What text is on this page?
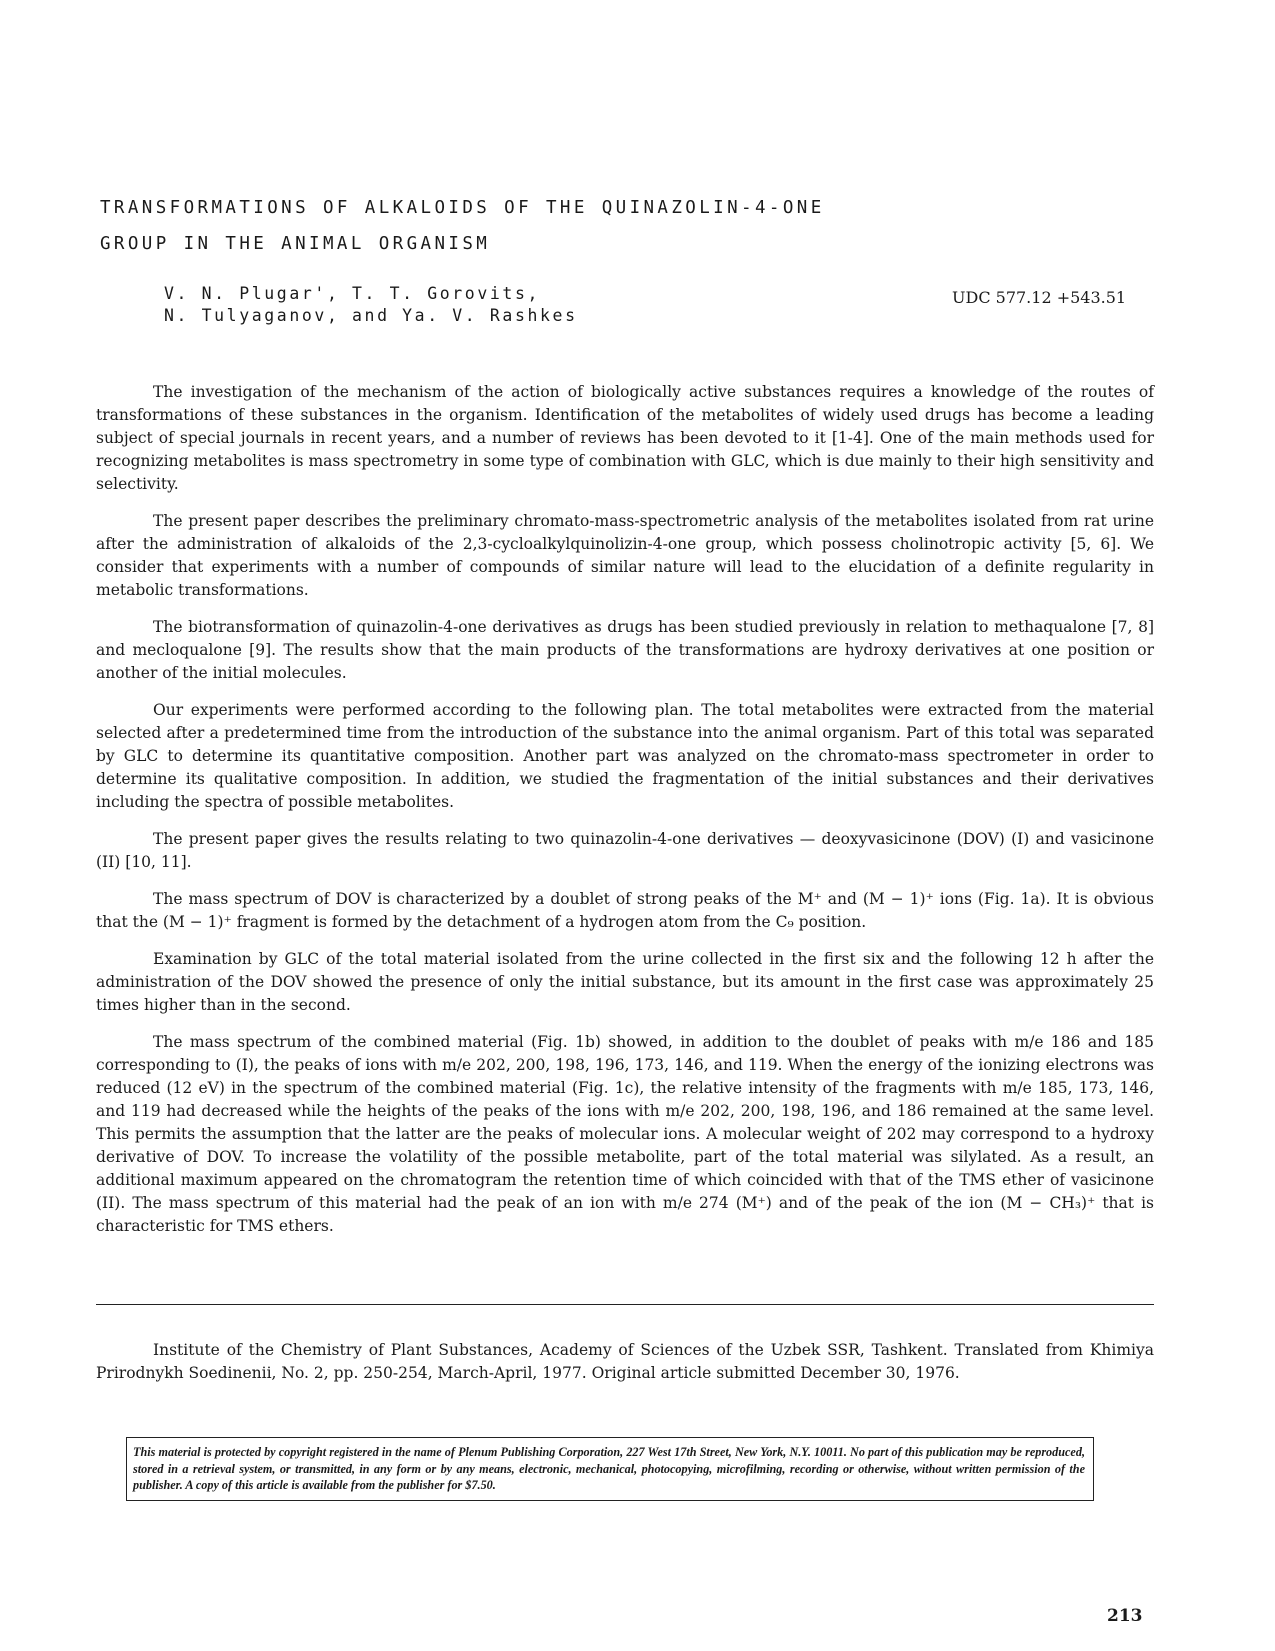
TRANSFORMATIONS OF ALKALOIDS OF THE QUINAZOLIN-4-ONE
GROUP IN THE ANIMAL ORGANISM
V. N. Plugar', T. T. Gorovits,
N. Tulyaganov, and Ya. V. Rashkes
UDC 577.12 +543.51

The investigation of the mechanism of the action of biologically active substances requires a knowledge of the routes of transformations of these substances in the organism. Identification of the metabolites of widely used drugs has become a leading subject of special journals in recent years, and a number of reviews has been devoted to it [1-4]. One of the main methods used for recognizing metabolites is mass spectrometry in some type of combination with GLC, which is due mainly to their high sensitivity and selectivity.

The present paper describes the preliminary chromato-mass-spectrometric analysis of the metabolites isolated from rat urine after the administration of alkaloids of the 2,3-cycloalkylquinolizin-4-one group, which possess cholinotropic activity [5, 6]. We consider that experiments with a number of compounds of similar nature will lead to the elucidation of a definite regularity in metabolic transformations.

The biotransformation of quinazolin-4-one derivatives as drugs has been studied previously in relation to methaqualone [7, 8] and mecloqualone [9]. The results show that the main products of the transformations are hydroxy derivatives at one position or another of the initial molecules.

Our experiments were performed according to the following plan. The total metabolites were extracted from the material selected after a predetermined time from the introduction of the substance into the animal organism. Part of this total was separated by GLC to determine its quantitative composition. Another part was analyzed on the chromato-mass spectrometer in order to determine its qualitative composition. In addition, we studied the fragmentation of the initial substances and their derivatives including the spectra of possible metabolites.

The present paper gives the results relating to two quinazolin-4-one derivatives — deoxyvasicinone (DOV) (I) and vasicinone (II) [10, 11].

The mass spectrum of DOV is characterized by a doublet of strong peaks of the M⁺ and (M − 1)⁺ ions (Fig. 1a). It is obvious that the (M − 1)⁺ fragment is formed by the detachment of a hydrogen atom from the C₉ position.

Examination by GLC of the total material isolated from the urine collected in the first six and the following 12 h after the administration of the DOV showed the presence of only the initial substance, but its amount in the first case was approximately 25 times higher than in the second.

The mass spectrum of the combined material (Fig. 1b) showed, in addition to the doublet of peaks with m/e 186 and 185 corresponding to (I), the peaks of ions with m/e 202, 200, 198, 196, 173, 146, and 119. When the energy of the ionizing electrons was reduced (12 eV) in the spectrum of the combined material (Fig. 1c), the relative intensity of the fragments with m/e 185, 173, 146, and 119 had decreased while the heights of the peaks of the ions with m/e 202, 200, 198, 196, and 186 remained at the same level. This permits the assumption that the latter are the peaks of molecular ions. A molecular weight of 202 may correspond to a hydroxy derivative of DOV. To increase the volatility of the possible metabolite, part of the total material was silylated. As a result, an additional maximum appeared on the chromatogram the retention time of which coincided with that of the TMS ether of vasicinone (II). The mass spectrum of this material had the peak of an ion with m/e 274 (M⁺) and of the peak of the ion (M − CH₃)⁺ that is characteristic for TMS ethers.

Institute of the Chemistry of Plant Substances, Academy of Sciences of the Uzbek SSR, Tashkent. Translated from Khimiya Prirodnykh Soedinenii, No. 2, pp. 250-254, March-April, 1977. Original article submitted December 30, 1976.

This material is protected by copyright registered in the name of Plenum Publishing Corporation, 227 West 17th Street, New York, N.Y. 10011. No part of this publication may be reproduced, stored in a retrieval system, or transmitted, in any form or by any means, electronic, mechanical, photocopying, microfilming, recording or otherwise, without written permission of the publisher. A copy of this article is available from the publisher for $7.50.
213
